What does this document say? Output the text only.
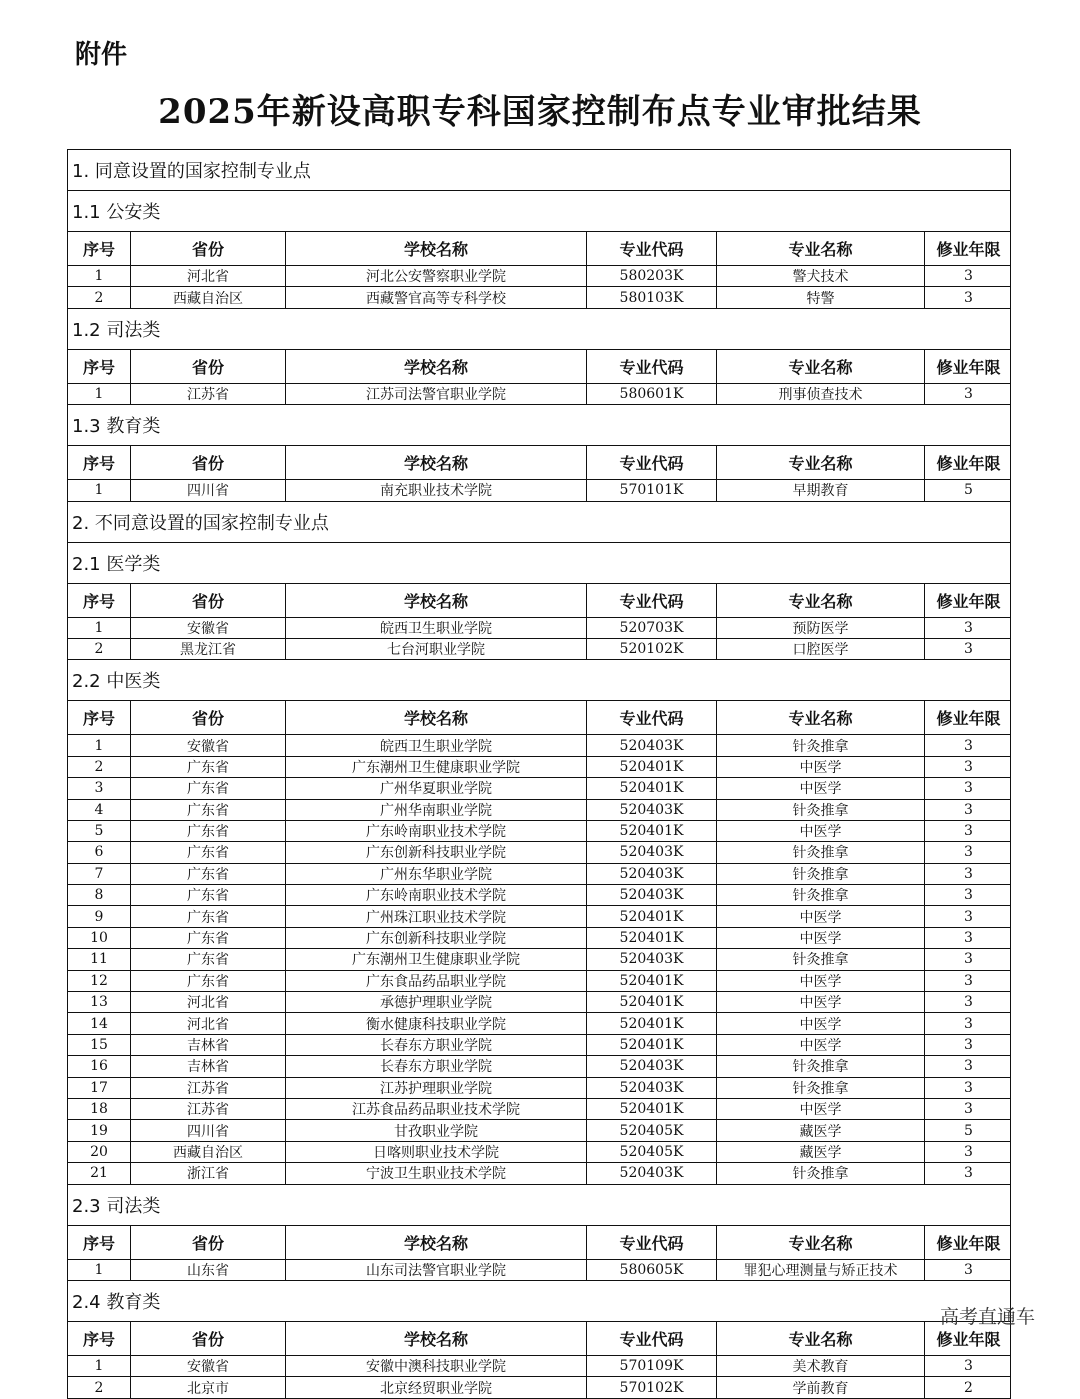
附件
2025年新设高职专科国家控制布点专业审批结果
1. 同意设置的国家控制专业点
1.1 公安类
序号	省份	学校名称	专业代码	专业名称	修业年限
1	河北省	河北公安警察职业学院	580203K	警犬技术	3
2	西藏自治区	西藏警官高等专科学校	580103K	特警	3
1.2 司法类
序号	省份	学校名称	专业代码	专业名称	修业年限
1	江苏省	江苏司法警官职业学院	580601K	刑事侦查技术	3
1.3 教育类
序号	省份	学校名称	专业代码	专业名称	修业年限
1	四川省	南充职业技术学院	570101K	早期教育	5
2. 不同意设置的国家控制专业点
2.1 医学类
序号	省份	学校名称	专业代码	专业名称	修业年限
1	安徽省	皖西卫生职业学院	520703K	预防医学	3
2	黑龙江省	七台河职业学院	520102K	口腔医学	3
2.2 中医类
序号	省份	学校名称	专业代码	专业名称	修业年限
1	安徽省	皖西卫生职业学院	520403K	针灸推拿	3
2	广东省	广东潮州卫生健康职业学院	520401K	中医学	3
3	广东省	广州华夏职业学院	520401K	中医学	3
4	广东省	广州华南职业学院	520403K	针灸推拿	3
5	广东省	广东岭南职业技术学院	520401K	中医学	3
6	广东省	广东创新科技职业学院	520403K	针灸推拿	3
7	广东省	广州东华职业学院	520403K	针灸推拿	3
8	广东省	广东岭南职业技术学院	520403K	针灸推拿	3
9	广东省	广州珠江职业技术学院	520401K	中医学	3
10	广东省	广东创新科技职业学院	520401K	中医学	3
11	广东省	广东潮州卫生健康职业学院	520403K	针灸推拿	3
12	广东省	广东食品药品职业学院	520401K	中医学	3
13	河北省	承德护理职业学院	520401K	中医学	3
14	河北省	衡水健康科技职业学院	520401K	中医学	3
15	吉林省	长春东方职业学院	520401K	中医学	3
16	吉林省	长春东方职业学院	520403K	针灸推拿	3
17	江苏省	江苏护理职业学院	520403K	针灸推拿	3
18	江苏省	江苏食品药品职业技术学院	520401K	中医学	3
19	四川省	甘孜职业学院	520405K	藏医学	5
20	西藏自治区	日喀则职业技术学院	520405K	藏医学	3
21	浙江省	宁波卫生职业技术学院	520403K	针灸推拿	3
2.3 司法类
序号	省份	学校名称	专业代码	专业名称	修业年限
1	山东省	山东司法警官职业学院	580605K	罪犯心理测量与矫正技术	3
2.4 教育类
序号	省份	学校名称	专业代码	专业名称	修业年限
1	安徽省	安徽中澳科技职业学院	570109K	美术教育	3
2	北京市	北京经贸职业学院	570102K	学前教育	2
高考直通车
